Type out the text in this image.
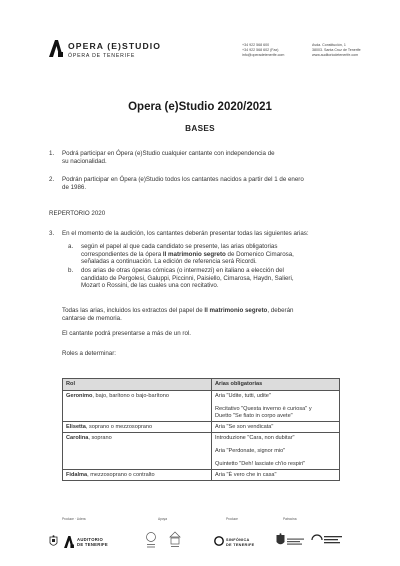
OPERA (E)STUDIO
ÓPERA DE TENERIFE
+34 922 568 600
+34 922 568 602 (Fax)
info@operadetenerife.com
Avda. Constitución, 1
38003. Santa Cruz de Tenerife
www.auditoriodetenerife.com
Opera (e)Studio 2020/2021
BASES
1. Podrá participar en Ópera (e)Studio cualquier cantante con independencia de
su nacionalidad.
2. Podrán participar en Ópera (e)Studio todos los cantantes nacidos a partir del 1 de enero
de 1986.
REPERTORIO 2020
3. En el momento de la audición, los cantantes deberán presentar todas las siguientes arias:
a. según el papel al que cada candidato se presente, las arias obligatorias
correspondientes de la ópera Il matrimonio segreto de Domenico Cimarosa,
señaladas a continuación. La edición de referencia será Ricordi.
b. dos arias de otras óperas cómicas (o intermezzi) en italiano a elección del
candidato de Pergolesi, Galuppi, Piccinni, Paisiello, Cimarosa, Haydn, Salieri,
Mozart o Rossini, de las cuales una con recitativo.
Todas las arias, incluidos los extractos del papel de Il matrimonio segreto, deberán
cantarse de memoria.
El cantante podrá presentarse a más de un rol.
Roles a determinar:
Rol	Arias obligatorias
Geronimo, bajo, barítono o bajo-barítono	Aria "Udite, tutti, udite"
Recitativo "Questa inverno è curiosa" y
Duetto "Se fiato in corpo avete"

Elisetta, soprano o mezzosoprano	Aria "Se son vendicata"

Carolina, soprano	Introduzione "Cara, non dubitar"
Aria "Perdonate, signor mio"
Quintetto "Deh! lasciate ch'io respiri"

Fidalma, mezzosoprano o contralto	Aria "È vero che in casa"
Produce · Lidera	Apoya	Produce	Patrocina
AUDITORIO
DE TENERIFE
SINFÓNICA
DE TENERIFE
